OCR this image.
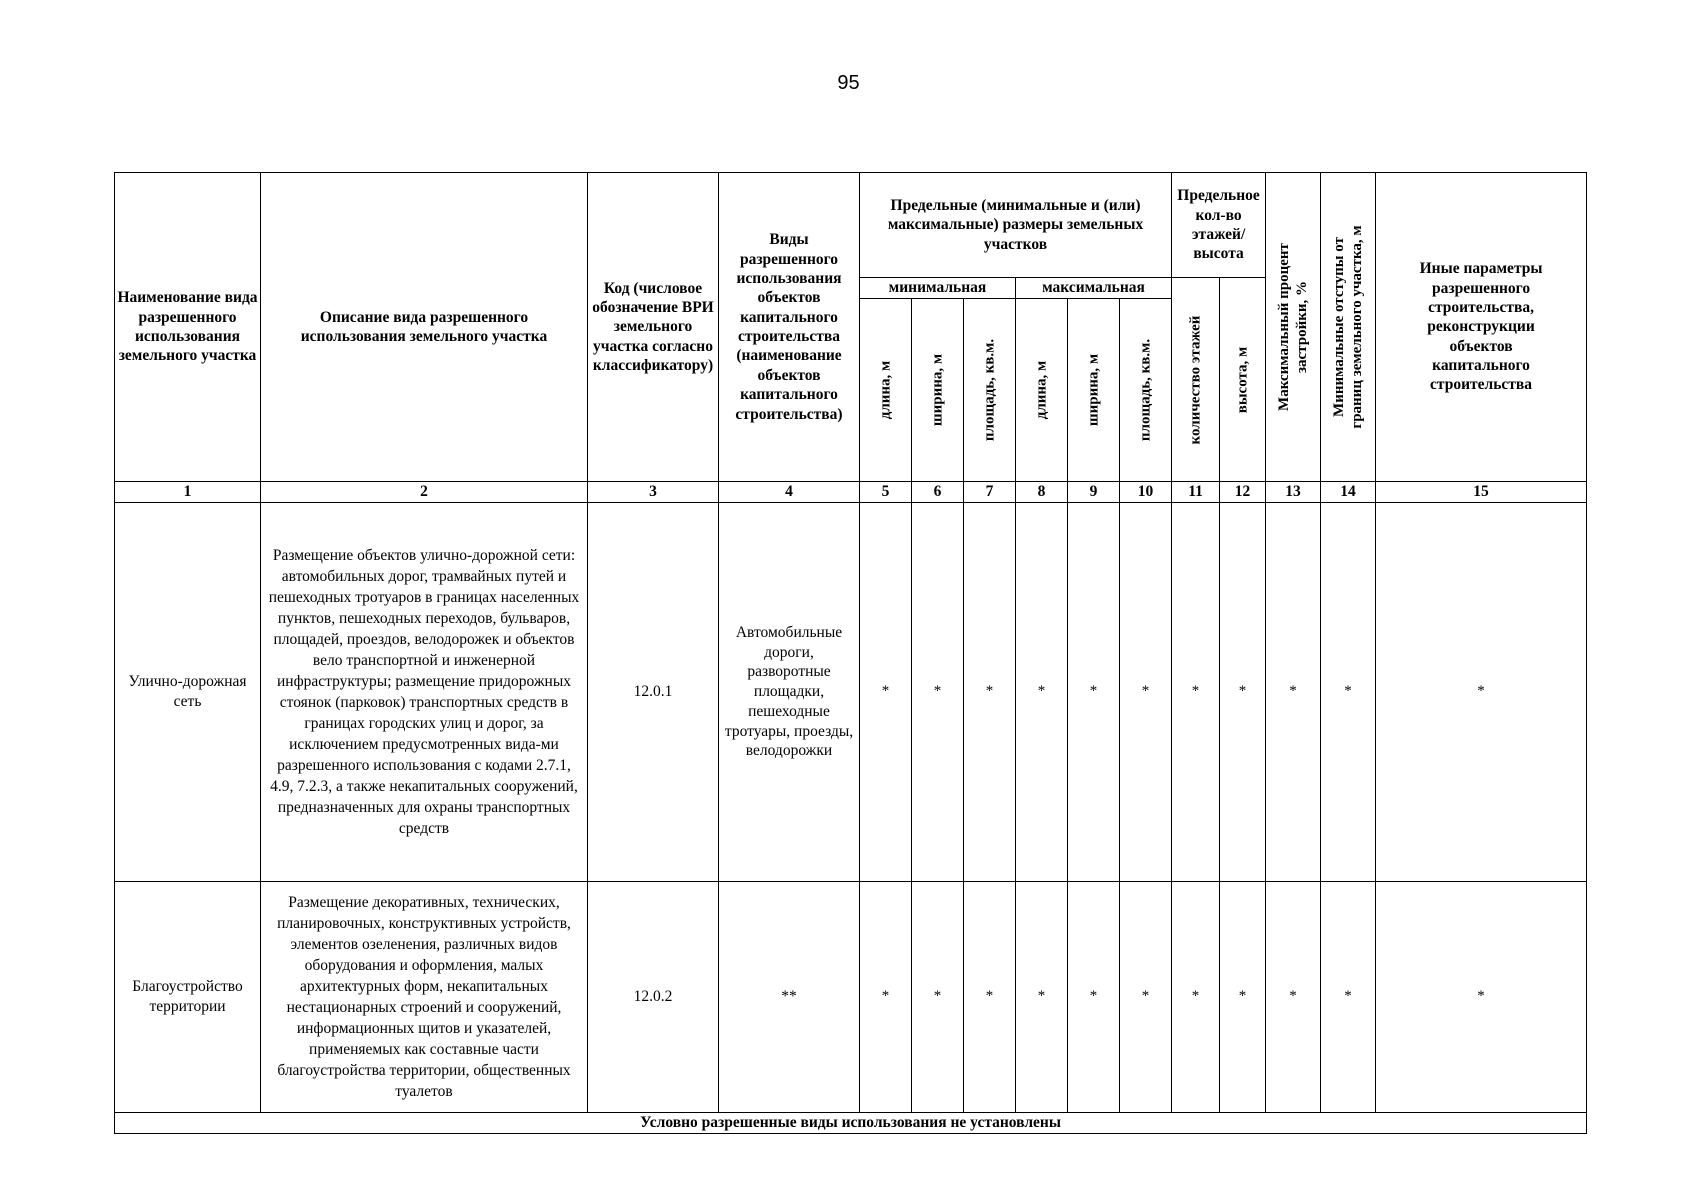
95
Наименование вида разрешенного использования земельного участка	Описание вида разрешенного использования земельного участка	Код (числовое обозначение ВРИ земельного участка согласно классификатору)	Виды разрешенного использования объектов капитального строительства (наименование объектов капитального строительства)	Предельные (минимальные и (или) максимальные) размеры земельных участков						Предельное кол-во этажей/ высота		Максимальный процент застройки, %	Минимальные отступы от границ земельного участка, м	Иные параметры разрешенного строительства, реконструкции объектов капитального строительства
				минимальная			максимальная			количество этажей	высота, м			

				длина, м	ширина, м	площадь, кв.м.	длина, м	ширина, м	площадь, кв.м.					

1	2	3	4	5	6	7	8	9	10	11	12	13	14	15
Улично-дорожная сеть	Размещение объектов улично-дорожной сети: автомобильных дорог, трамвайных путей и пешеходных тротуаров в границах населенных пунктов, пешеходных переходов, бульваров, площадей, проездов, велодорожек и объектов вело транспортной и инженерной инфраструктуры; размещение придорожных стоянок (парковок) транспортных средств в границах городских улиц и дорог, за исключением предусмотренных вида-ми разрешенного использования с кодами 2.7.1, 4.9, 7.2.3, а также некапитальных сооружений, предназначенных для охраны транспортных средств	12.0.1	Автомобильные дороги, разворотные площадки, пешеходные тротуары, проезды, велодорожки	*	*	*	*	*	*	*	*	*	*	*
Благоустройство территории	Размещение декоративных, технических, планировочных, конструктивных устройств, элементов озеленения, различных видов оборудования и оформления, малых архитектурных форм, некапитальных нестационарных строений и сооружений, информационных щитов и указателей, применяемых как составные части благоустройства территории, общественных туалетов	12.0.2	**	*	*	*	*	*	*	*	*	*	*	*
Условно разрешенные виды использования не установлены														
